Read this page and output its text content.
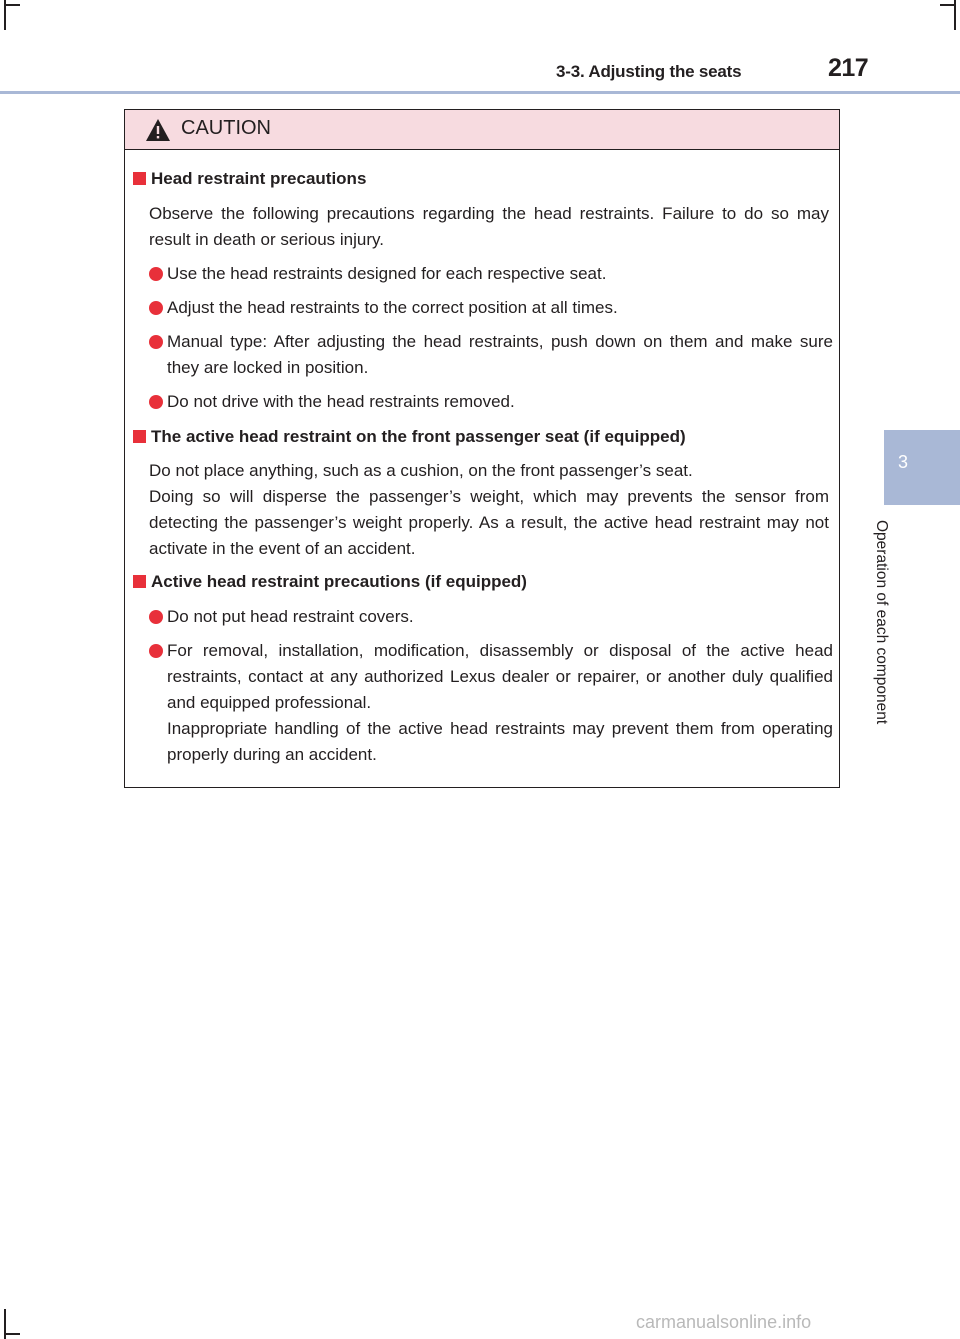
3-3. Adjusting the seats	217
3
Operation of each component
CAUTION
Head restraint precautions
Observe the following precautions regarding the head restraints. Failure to do so may result in death or serious injury.
Use the head restraints designed for each respective seat.
Adjust the head restraints to the correct position at all times.
Manual type: After adjusting the head restraints, push down on them and make sure they are locked in position.
Do not drive with the head restraints removed.
The active head restraint on the front passenger seat (if equipped)
Do not place anything, such as a cushion, on the front passenger’s seat.
Doing so will disperse the passenger’s weight, which may prevents the sensor from detecting the passenger’s weight properly. As a result, the active head restraint may not activate in the event of an accident.
Active head restraint precautions (if equipped)
Do not put head restraint covers.
For removal, installation, modification, disassembly or disposal of the active head restraints, contact at any authorized Lexus dealer or repairer, or another duly qualified and equipped professional.
Inappropriate handling of the active head restraints may prevent them from operating properly during an accident.
carmanualsonline.info
